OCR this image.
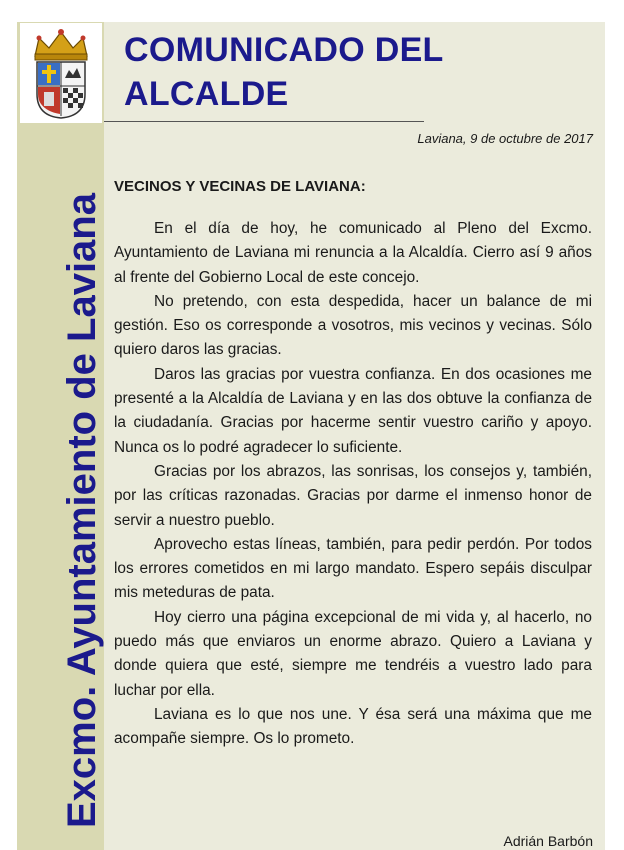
Excmo. Ayuntamiento de Laviana
COMUNICADO DEL
ALCALDE
Laviana, 9 de octubre de 2017
VECINOS Y VECINAS DE LAVIANA:

En el día de hoy, he comunicado al Pleno del Excmo. Ayuntamiento de Laviana mi renuncia a la Alcaldía. Cierro así 9 años al frente del Gobierno Local de este concejo.

No pretendo, con esta despedida, hacer un balance de mi gestión. Eso os corresponde a vosotros, mis vecinos y vecinas. Sólo quiero daros las gracias.

Daros las gracias por vuestra confianza. En dos ocasiones me presenté a la Alcaldía de Laviana y en las dos obtuve la confianza de la ciudadanía. Gracias por hacerme sentir vuestro cariño y apoyo. Nunca os lo podré agradecer lo suficiente.

Gracias por los abrazos, las sonrisas, los consejos y, también, por las críticas razonadas. Gracias por darme el inmenso honor de servir a nuestro pueblo.

Aprovecho estas líneas, también, para pedir perdón. Por todos los errores cometidos en mi largo mandato. Espero sepáis disculpar mis meteduras de pata.

Hoy cierro una página excepcional de mi vida y, al hacerlo, no puedo más que enviaros un enorme abrazo. Quiero a Laviana y donde quiera que esté, siempre me tendréis a vuestro lado para luchar por ella.

Laviana es lo que nos une. Y ésa será una máxima que me acompañe siempre. Os lo prometo.

Adrián Barbón
